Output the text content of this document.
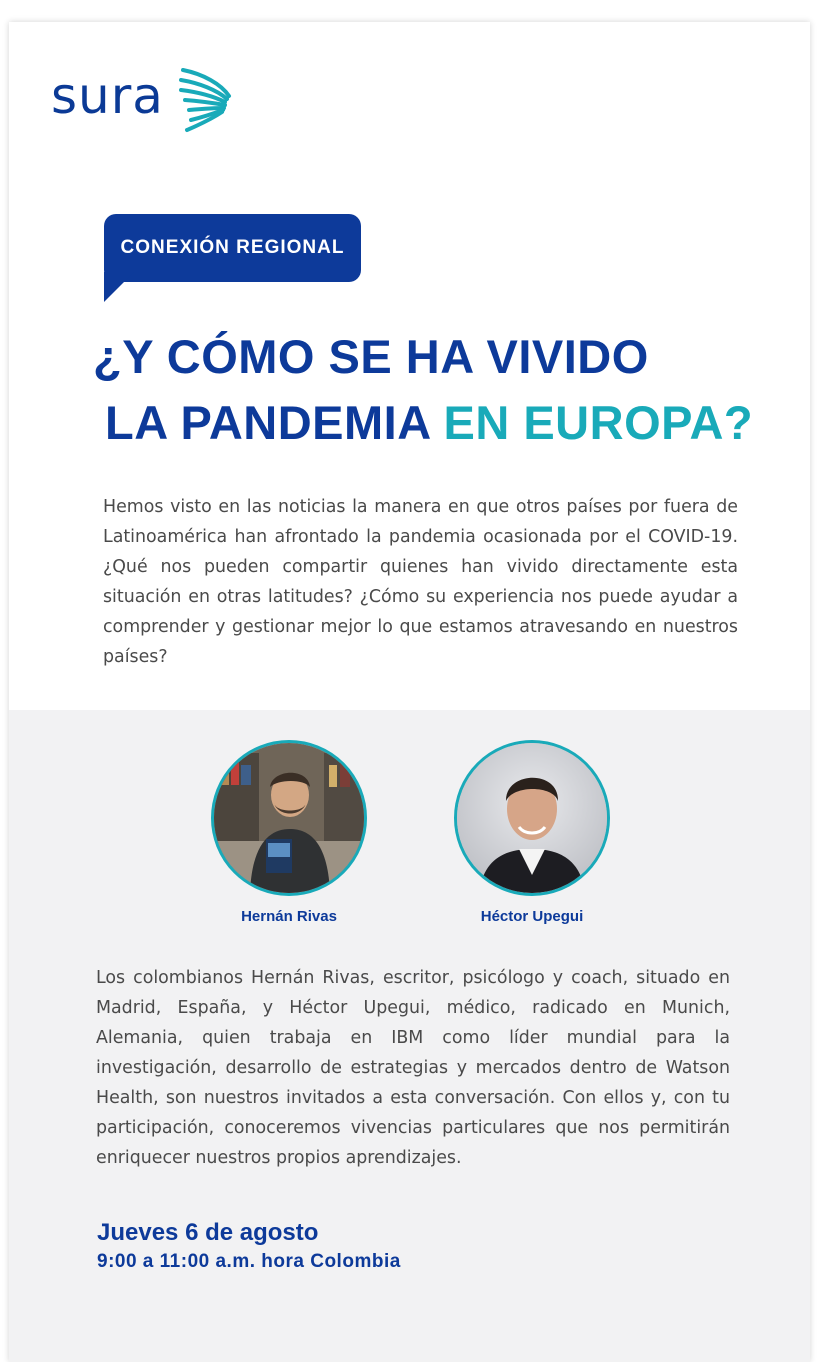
sura
CONEXIÓN REGIONAL
¿Y CÓMO SE HA VIVIDO
LA PANDEMIA EN EUROPA?

Hemos visto en las noticias la manera en que otros países por fuera de Latinoamérica han afrontado la pandemia ocasionada por el COVID-19. ¿Qué nos pueden compartir quienes han vivido directamente esta situación en otras latitudes? ¿Cómo su experiencia nos puede ayudar a comprender y gestionar mejor lo que estamos atravesando en nuestros países?

Hernán Rivas	Héctor Upegui

Los colombianos Hernán Rivas, escritor, psicólogo y coach, situado en Madrid, España, y Héctor Upegui, médico, radicado en Munich, Alemania, quien trabaja en IBM como líder mundial para la investigación, desarrollo de estrategias y mercados dentro de Watson Health, son nuestros invitados a esta conversación. Con ellos y, con tu participación, conoceremos vivencias particulares que nos permitirán enriquecer nuestros propios aprendizajes.

Jueves 6 de agosto
9:00 a 11:00 a.m. hora Colombia
